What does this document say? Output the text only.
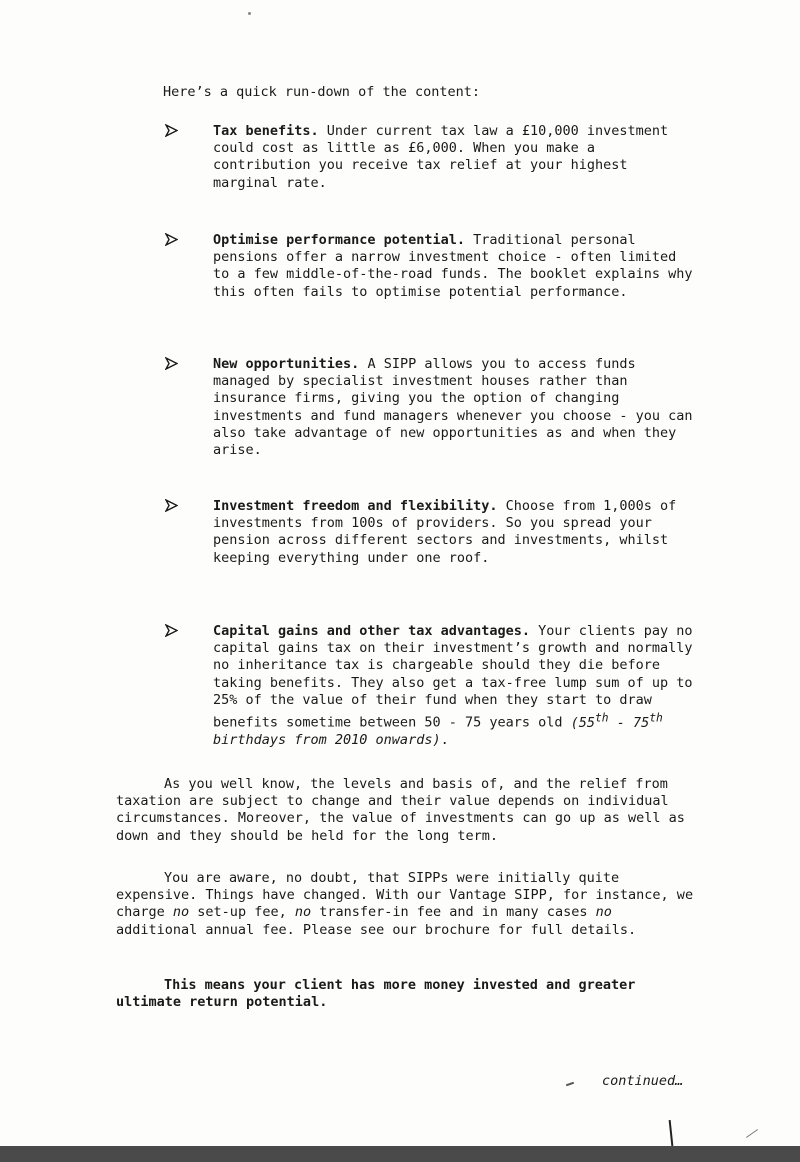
Here’s a quick run-down of the content:
Tax benefits. Under current tax law a £10,000 investment could cost as little as £6,000. When you make a contribution you receive tax relief at your highest marginal rate.
Optimise performance potential. Traditional personal pensions offer a narrow investment choice - often limited to a few middle-of-the-road funds. The booklet explains why this often fails to optimise potential performance.
New opportunities. A SIPP allows you to access funds managed by specialist investment houses rather than insurance firms, giving you the option of changing investments and fund managers whenever you choose - you can also take advantage of new opportunities as and when they arise.
Investment freedom and flexibility. Choose from 1,000s of investments from 100s of providers. So you spread your pension across different sectors and investments, whilst keeping everything under one roof.
Capital gains and other tax advantages. Your clients pay no capital gains tax on their investment’s growth and normally no inheritance tax is chargeable should they die before taking benefits. They also get a tax-free lump sum of up to 25% of the value of their fund when they start to draw benefits sometime between 50 - 75 years old (55th - 75th birthdays from 2010 onwards).
As you well know, the levels and basis of, and the relief from taxation are subject to change and their value depends on individual circumstances. Moreover, the value of investments can go up as well as down and they should be held for the long term.
You are aware, no doubt, that SIPPs were initially quite expensive. Things have changed. With our Vantage SIPP, for instance, we charge no set-up fee, no transfer-in fee and in many cases no additional annual fee. Please see our brochure for full details.
This means your client has more money invested and greater ultimate return potential.
continued…
